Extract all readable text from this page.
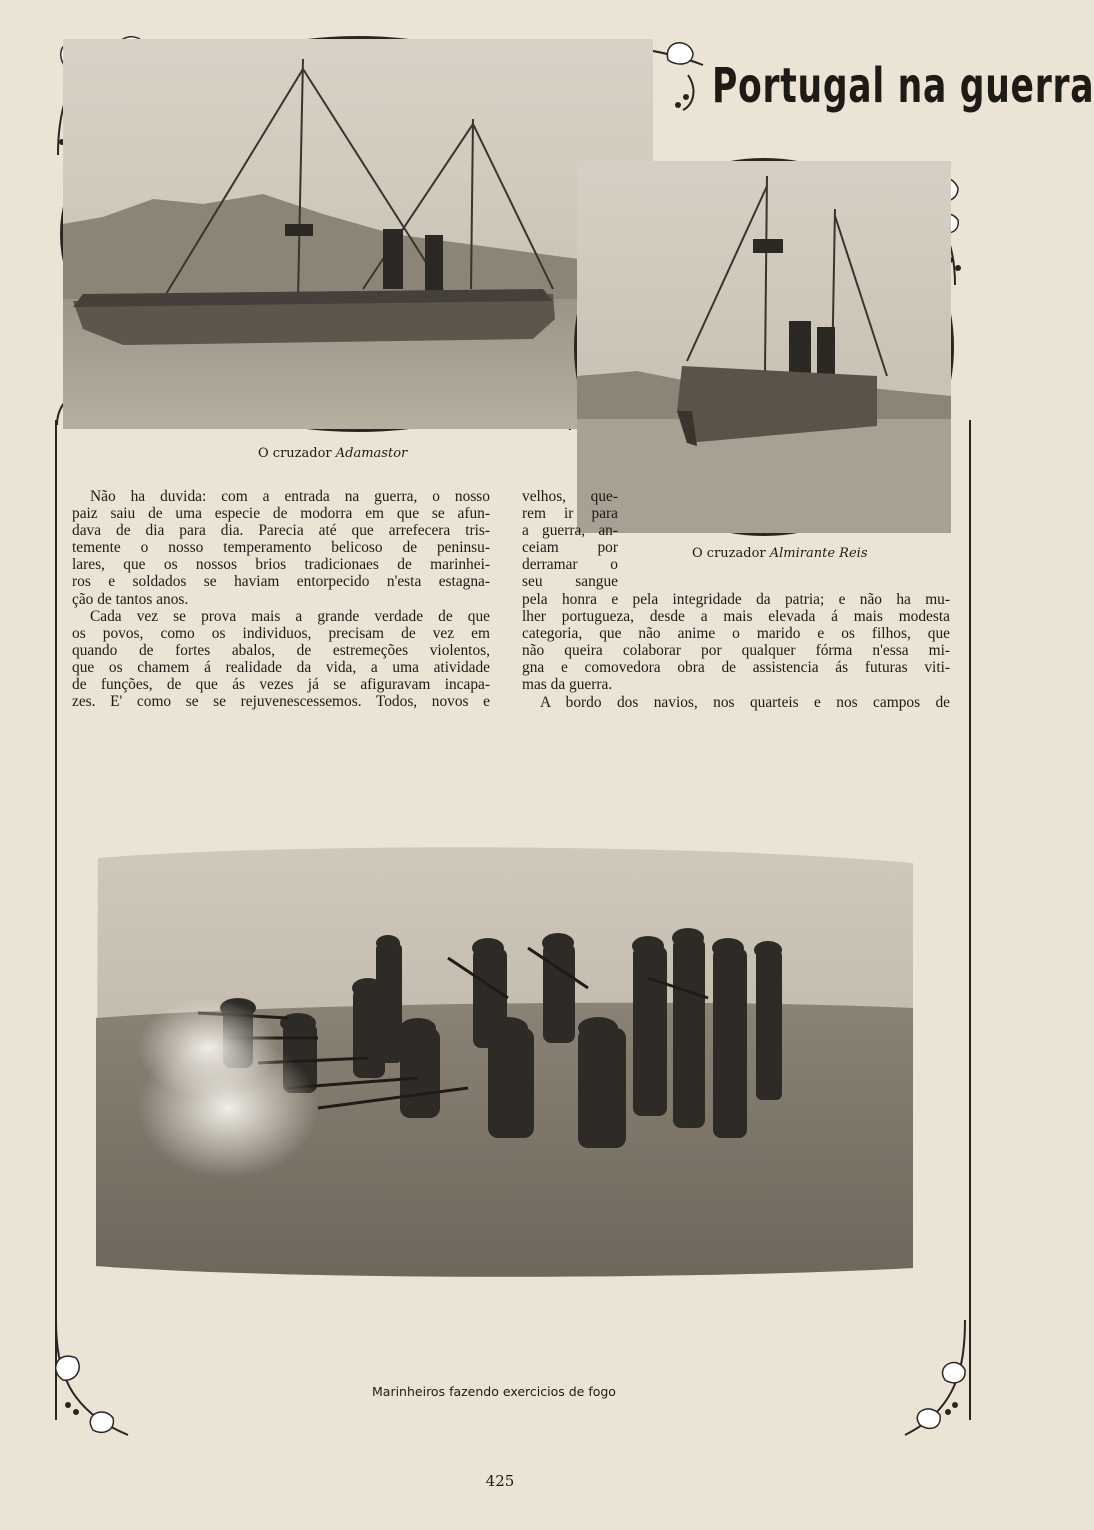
Portugal na guerra
O cruzador Adamastor
O cruzador Almirante Reis

Não ha duvida: com a entrada na guerra, o nosso

paiz saiu de uma especie de modorra em que se afun-

dava de dia para dia. Parecia até que arrefecera tris-

temente o nosso temperamento belicoso de peninsu-

lares, que os nossos brios tradicionaes de marinhei-

ros e soldados se haviam entorpecido n'esta estagna-

ção de tantos anos.

Cada vez se prova mais a grande verdade de que

os povos, como os individuos, precisam de vez em

quando de fortes abalos, de estremeções violentos,

que os chamem á realidade da vida, a uma atividade

de funções, de que ás vezes já se afiguravam incapa-

zes. E' como se se rejuvenescessemos. Todos, novos e

velhos, que-

rem ir para

a guerra, an-

ceiam por

derramar o

seu sangue

pela honra e pela integridade da patria; e não ha mu-

lher portugueza, desde a mais elevada á mais modesta

categoria, que não anime o marido e os filhos, que

não queira colaborar por qualquer fórma n'essa mi-

gna e comovedora obra de assistencia ás futuras viti-

mas da guerra.

A bordo dos navios, nos quarteis e nos campos de

Marinheiros fazendo exercicios de fogo
425
